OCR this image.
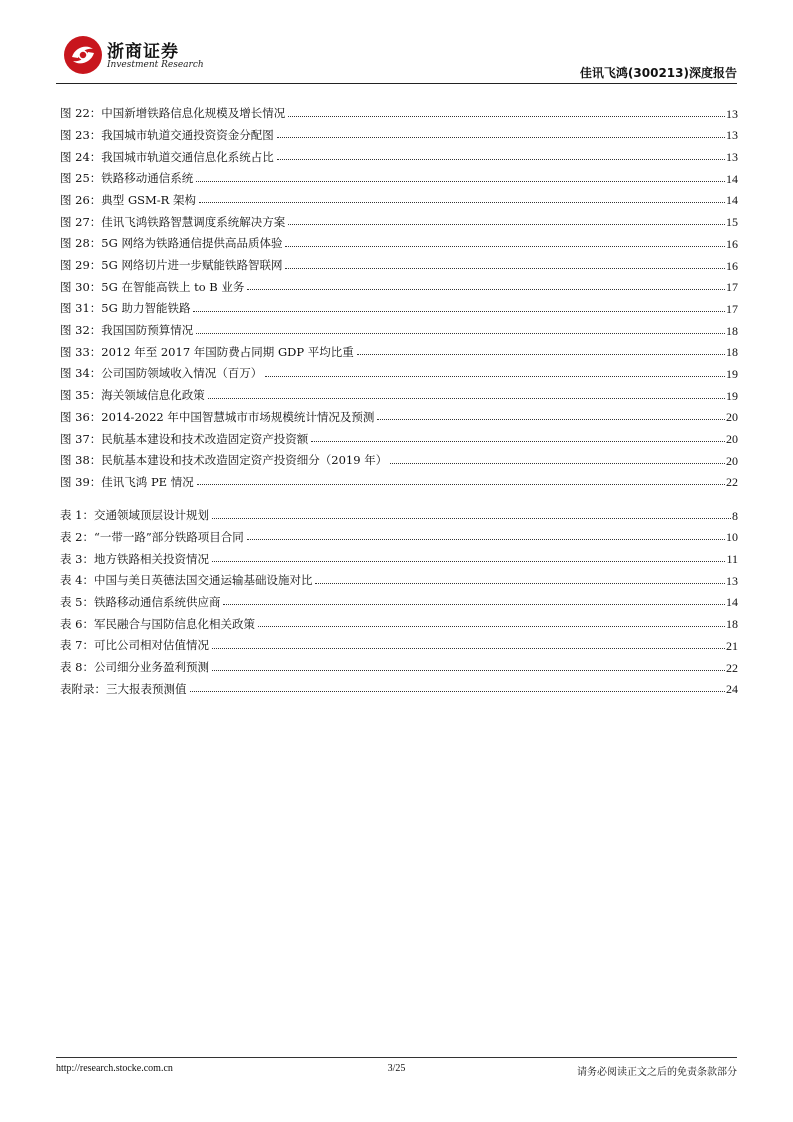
浙商证券
Investment Research
佳讯飞鸿(300213)深度报告
图 22：中国新增铁路信息化规模及增长情况	13
图 23：我国城市轨道交通投资资金分配图	13
图 24：我国城市轨道交通信息化系统占比	13
图 25：铁路移动通信系统	14
图 26：典型 GSM-R 架构	14
图 27：佳讯飞鸿铁路智慧调度系统解决方案	15
图 28：5G 网络为铁路通信提供高品质体验	16
图 29：5G 网络切片进一步赋能铁路智联网	16
图 30：5G 在智能高铁上 to B 业务	17
图 31：5G 助力智能铁路	17
图 32：我国国防预算情况	18
图 33：2012 年至 2017 年国防费占同期 GDP 平均比重	18
图 34：公司国防领域收入情况（百万）	19
图 35：海关领域信息化政策	19
图 36：2014-2022 年中国智慧城市市场规模统计情况及预测	20
图 37：民航基本建设和技术改造固定资产投资额	20
图 38：民航基本建设和技术改造固定资产投资细分（2019 年）	20
图 39：佳讯飞鸿 PE 情况	22
表 1：交通领域顶层设计规划	8
表 2：“一带一路”部分铁路项目合同	10
表 3：地方铁路相关投资情况	11
表 4：中国与美日英德法国交通运输基础设施对比	13
表 5：铁路移动通信系统供应商	14
表 6：军民融合与国防信息化相关政策	18
表 7：可比公司相对估值情况	21
表 8：公司细分业务盈利预测	22
表附录：三大报表预测值	24
http://research.stocke.com.cn	3/25	请务必阅读正文之后的免责条款部分
